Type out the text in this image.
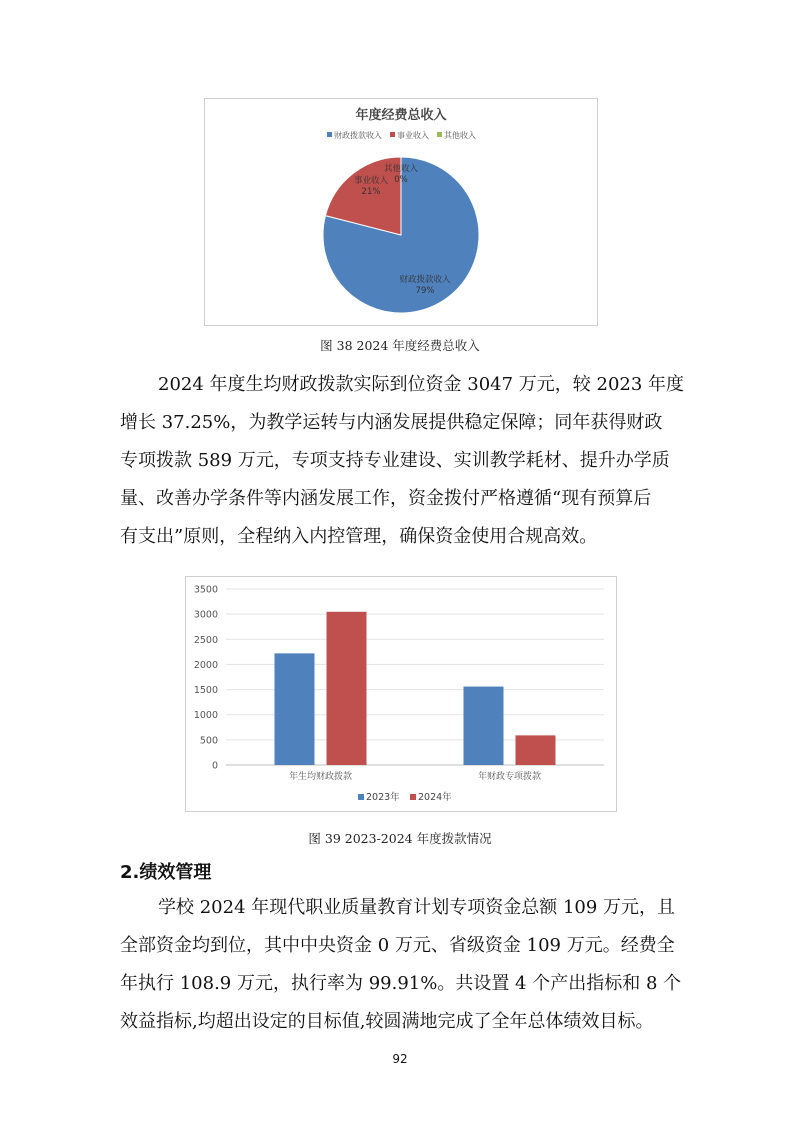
年度经费总收入
财政拨款收入 事业收入 其他收入
财政拨款收入
79%
事业收入
21%
其他收入
0%
图 38 2024 年度经费总收入
2024 年度生均财政拨款实际到位资金 3047 万元，较 2023 年度
增长 37.25%，为教学运转与内涵发展提供稳定保障；同年获得财政
专项拨款 589 万元，专项支持专业建设、实训教学耗材、提升办学质
量、改善办学条件等内涵发展工作，资金拨付严格遵循“现有预算后
有支出”原则，全程纳入内控管理，确保资金使用合规高效。
0
500
1000
1500
2000
2500
3000
3500
年生均财政拨款	年财政专项拨款
2023年 2024年
图 39 2023-2024 年度拨款情况
2.绩效管理
学校 2024 年现代职业质量教育计划专项资金总额 109 万元，且
全部资金均到位，其中中央资金 0 万元、省级资金 109 万元。经费全
年执行 108.9 万元，执行率为 99.91%。共设置 4 个产出指标和 8 个
效益指标,均超出设定的目标值,较圆满地完成了全年总体绩效目标。
92
